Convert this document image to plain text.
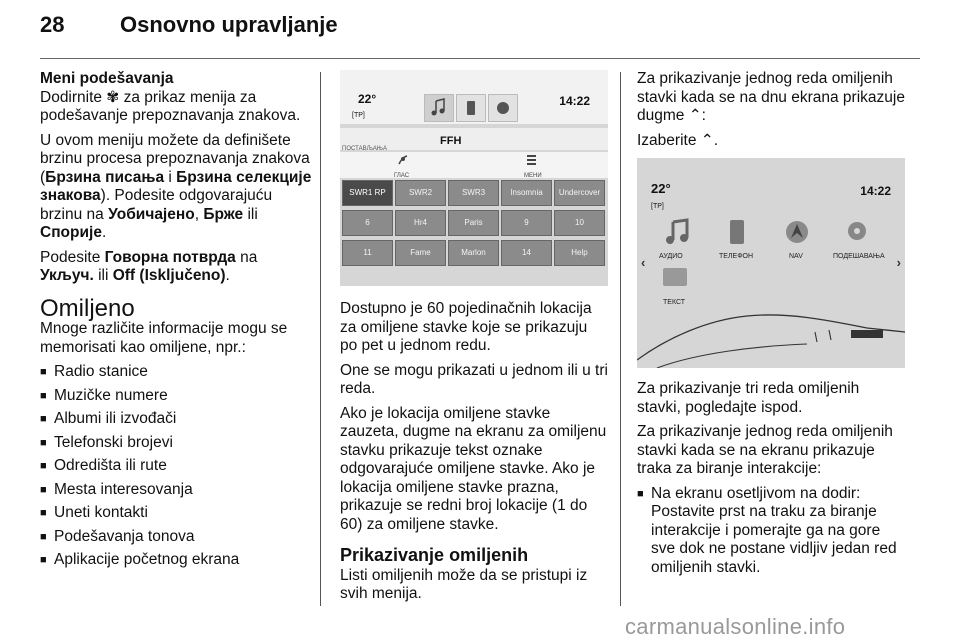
28	Osnovno upravljanje
Meni podešavanja

Dodirnite ✾ za prikaz menija za podešavanje prepoznavanja znakova.

U ovom meniju možete da definišete brzinu procesa prepoznavanja znakova (Брзина писања i Брзина селекције знакова). Podesite odgovarajuću brzinu na Уобичајено, Брже ili Спорије.

Podesite Говорна потврда na Укључ. ili Off (Isključeno).

Omiljeno

Mnoge različite informacije mogu se memorisati kao omiljene, npr.:

■ Radio stanice
■ Muzičke numere
■ Albumi ili izvođači
■ Telefonski brojevi
■ Odredišta ili rute
■ Mesta interesovanja
■ Uneti kontakti
■ Podešavanja tonova
■ Aplikacije početnog ekrana
22°
[TP]
14:22
ПОСТАВЉАЊА
FFH
ГЛАС	МЕНИ
SWR1 RP	SWR2	SWR3	Insomnia	Undercover
6	Hr4	Paris	9	10
11	Fame	Marlon	14	Help

Dostupno je 60 pojedinačnih lokacija za omiljene stavke koje se prikazuju po pet u jednom redu.

One se mogu prikazati u jednom ili u tri reda.

Ako je lokacija omiljene stavke zauzeta, dugme na ekranu za omiljenu stavku prikazuje tekst oznake odgovarajuće omiljene stavke. Ako je lokacija omiljene stavke prazna, prikazuje se redni broj lokacije (1 do 60) za omiljene stavke.

Prikazivanje omiljenih

Listi omiljenih može da se pristupi iz svih menija.

Za prikazivanje jednog reda omiljenih stavki kada se na dnu ekrana prikazuje dugme ⌃:

Izaberite ⌃.

22°
[TP]
14:22
‹	›
АУДИО	ТЕЛЕФОН	NAV	ПОДЕШАВАЊА
ТЕКСТ

Za prikazivanje tri reda omiljenih stavki, pogledajte ispod.

Za prikazivanje jednog reda omiljenih stavki kada se na ekranu prikazuje traka za biranje interakcije:

■ Na ekranu osetljivom na dodir: Postavite prst na traku za biranje interakcije i pomerajte ga na gore sve dok ne postane vidljiv jedan red omiljenih stavki.
carmanualsonline.info
